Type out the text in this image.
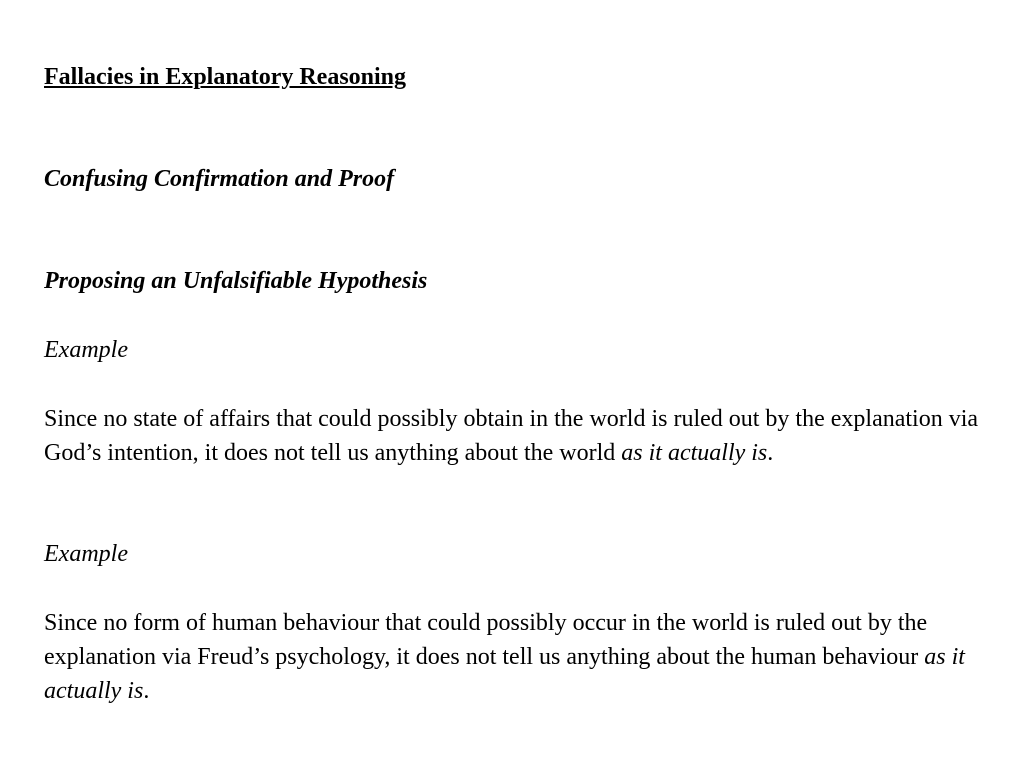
Fallacies in Explanatory Reasoning
Confusing Confirmation and Proof
Proposing an Unfalsifiable Hypothesis

Example

Since no state of affairs that could possibly obtain in the world is ruled out by the explanation via God’s intention, it does not tell us anything about the world as it actually is.

Example

Since no form of human behaviour that could possibly occur in the world is ruled out by the explanation via Freud’s psychology, it does not tell us anything about the human behaviour as it actually is.
